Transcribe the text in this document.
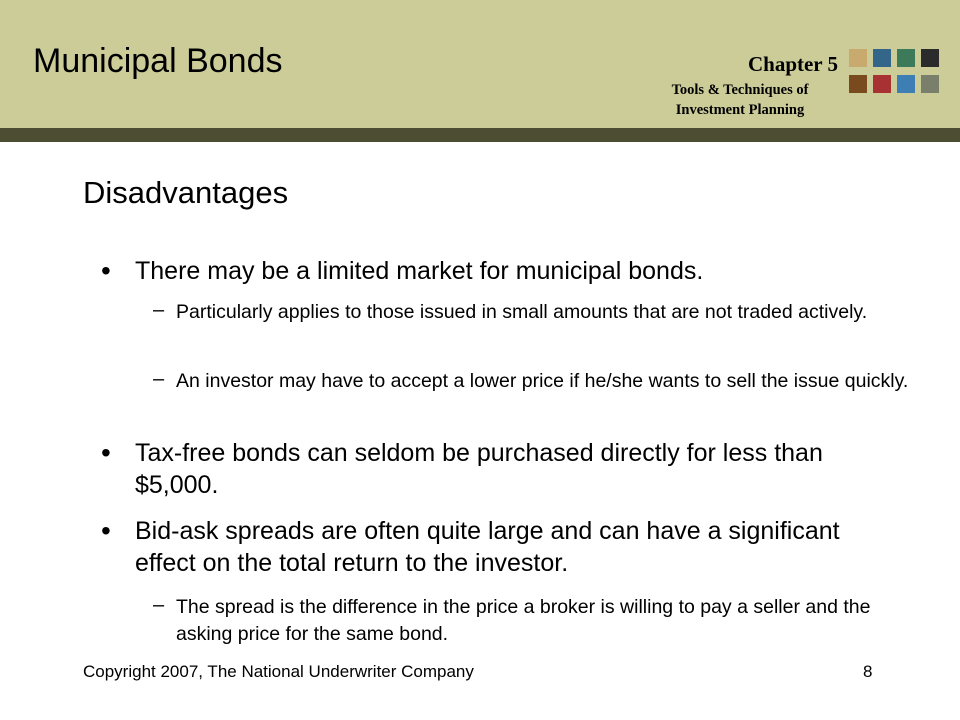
Municipal Bonds	Chapter 5
Tools & Techniques of
Investment Planning
Disadvantages
• There may be a limited market for municipal bonds.
– Particularly applies to those issued in small amounts that are not traded actively.
– An investor may have to accept a lower price if he/she wants to sell the issue quickly.
• Tax-free bonds can seldom be purchased directly for less than $5,000.
• Bid-ask spreads are often quite large and can have a significant effect on the total return to the investor.
– The spread is the difference in the price a broker is willing to pay a seller and the asking price for the same bond.
Copyright 2007, The National Underwriter Company	8
